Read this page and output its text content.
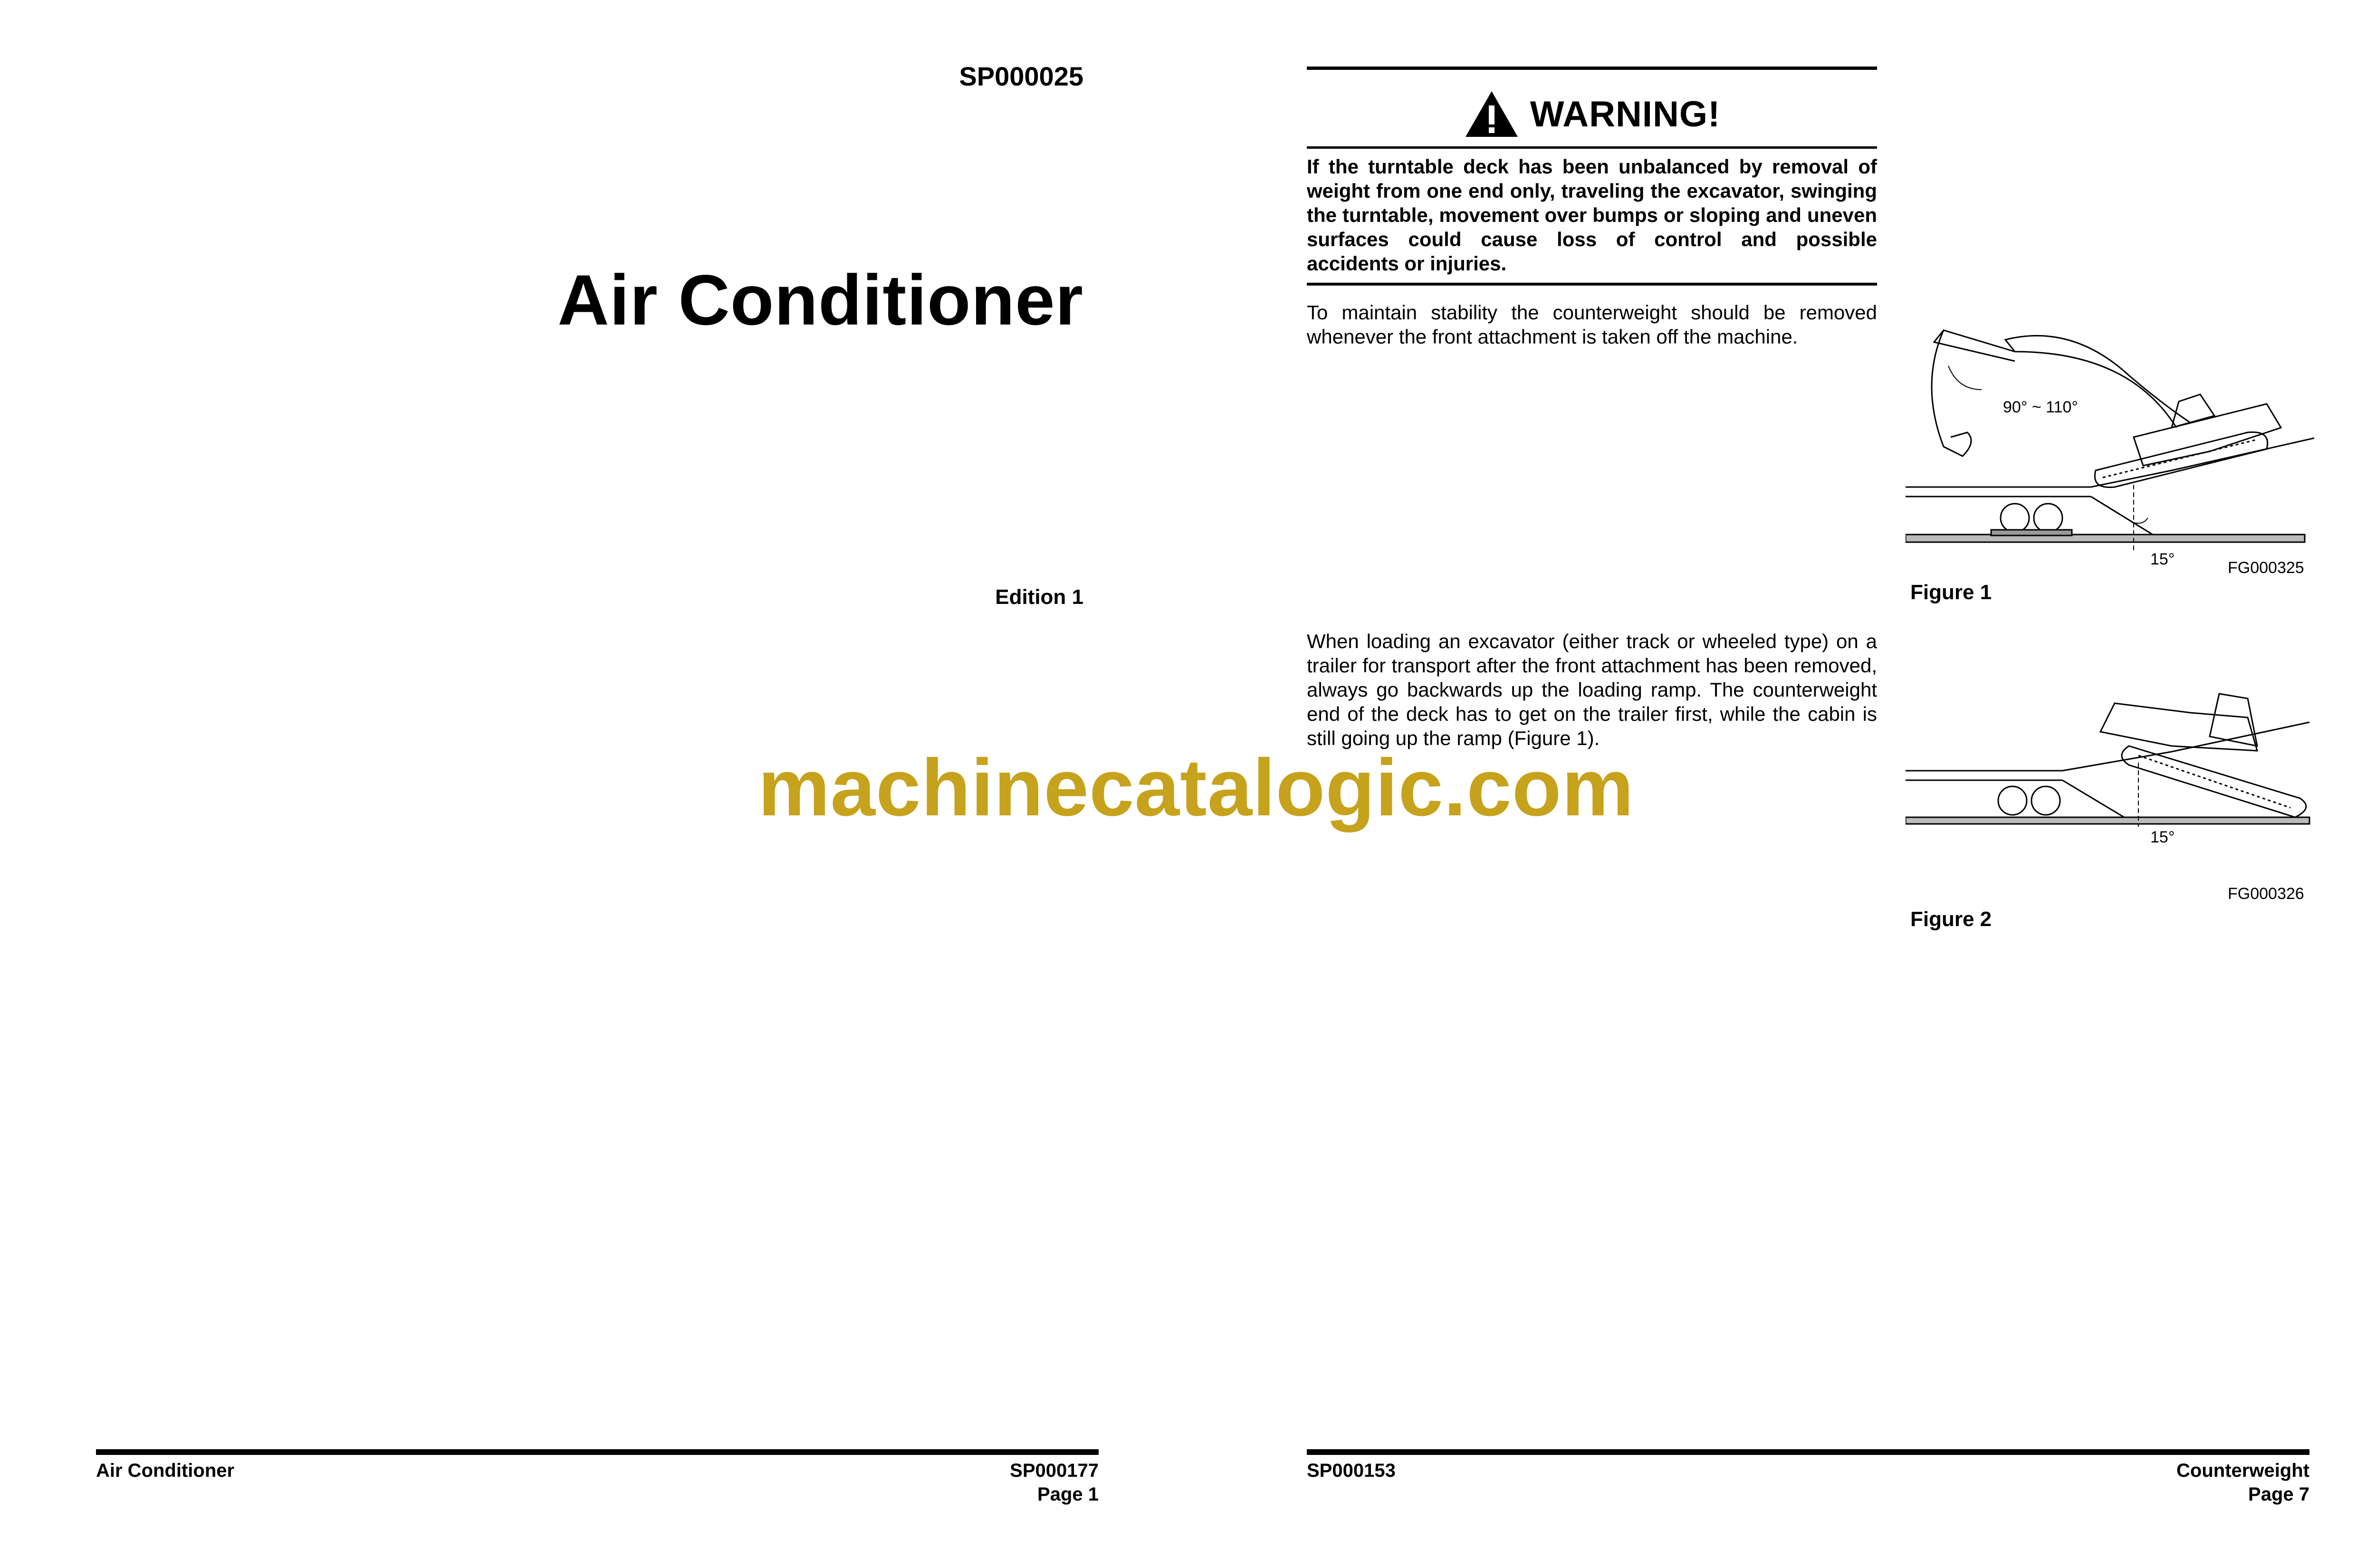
SP000025
Air Conditioner
Edition 1
WARNING!
If the turntable deck has been unbalanced by removal of weight from one end only, traveling the excavator, swinging the turntable, movement over bumps or sloping and uneven surfaces could cause loss of control and possible accidents or injuries.
To maintain stability the counterweight should be removed whenever the front attachment is taken off the machine.
When loading an excavator (either track or wheeled type) on a trailer for transport after the front attachment has been removed, always go backwards up the loading ramp. The counterweight end of the deck has to get on the trailer first, while the cabin is still going up the ramp (Figure 1).
90° ~ 110°
15°	FG000325
Figure 1
15°
FG000326
Figure 2
machinecatalogic.com
Air Conditioner	SP000177
Page 1
SP000153	Counterweight
Page 7
